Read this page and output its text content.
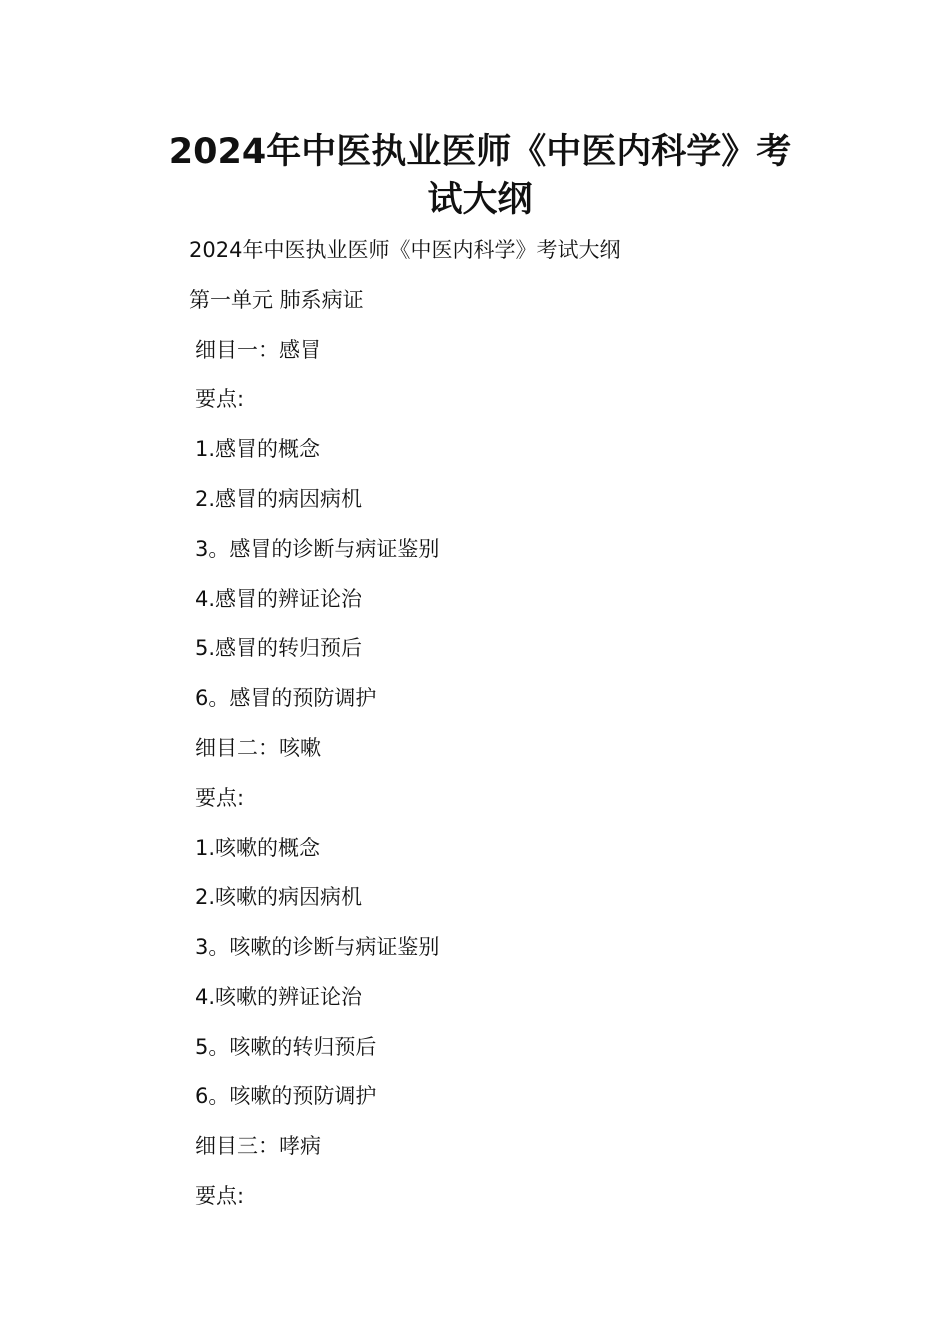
2024年中医执业医师《中医内科学》考
试大纲
2024年中医执业医师《中医内科学》考试大纲
第一单元 肺系病证
细目一：感冒
要点:
1.感冒的概念
2.感冒的病因病机
3。感冒的诊断与病证鉴别
4.感冒的辨证论治
5.感冒的转归预后
6。感冒的预防调护
细目二：咳嗽
要点:
1.咳嗽的概念
2.咳嗽的病因病机
3。咳嗽的诊断与病证鉴别
4.咳嗽的辨证论治
5。咳嗽的转归预后
6。咳嗽的预防调护
细目三：哮病
要点:
